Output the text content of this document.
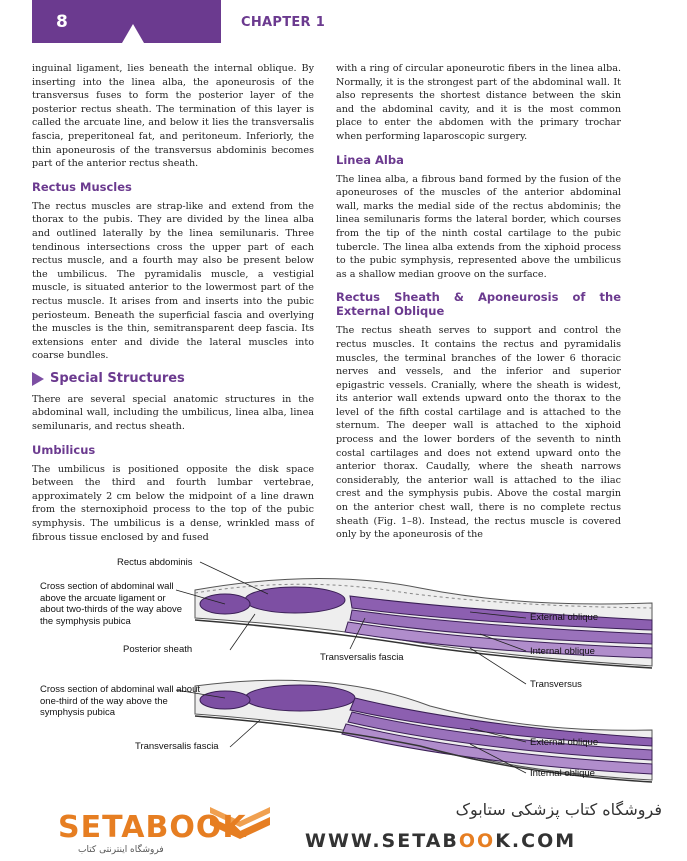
8	CHAPTER 1

inguinal ligament, lies beneath the internal oblique. By inserting into the linea alba, the aponeurosis of the transversus fuses to form the posterior layer of the posterior rectus sheath. The termination of this layer is called the arcuate line, and below it lies the transversalis fascia, preperitoneal fat, and peritoneum. Inferiorly, the thin aponeurosis of the transversus abdominis becomes part of the anterior rectus sheath.

Rectus Muscles

The rectus muscles are strap-like and extend from the thorax to the pubis. They are divided by the linea alba and outlined laterally by the linea semilunaris. Three tendinous intersections cross the upper part of each rectus muscle, and a fourth may also be present below the umbilicus. The pyramidalis muscle, a vestigial muscle, is situated anterior to the lowermost part of the rectus muscle. It arises from and inserts into the pubic periosteum. Beneath the superficial fascia and overlying the muscles is the thin, semitransparent deep fascia. Its extensions enter and divide the lateral muscles into coarse bundles.

Special Structures

There are several special anatomic structures in the abdominal wall, including the umbilicus, linea alba, linea semilunaris, and rectus sheath.

Umbilicus

The umbilicus is positioned opposite the disk space between the third and fourth lumbar vertebrae, approximately 2 cm below the midpoint of a line drawn from the sternoxiphoid process to the top of the pubic symphysis. The umbilicus is a dense, wrinkled mass of fibrous tissue enclosed by and fused

with a ring of circular aponeurotic fibers in the linea alba. Normally, it is the strongest part of the abdominal wall. It also represents the shortest distance between the skin and the abdominal cavity, and it is the most common place to enter the abdomen with the primary trochar when performing laparoscopic surgery.

Linea Alba

The linea alba, a fibrous band formed by the fusion of the aponeuroses of the muscles of the anterior abdominal wall, marks the medial side of the rectus abdominis; the linea semilunaris forms the lateral border, which courses from the tip of the ninth costal cartilage to the pubic tubercle. The linea alba extends from the xiphoid process to the pubic symphysis, represented above the umbilicus as a shallow median groove on the surface.

Rectus Sheath & Aponeurosis of the External Oblique

The rectus sheath serves to support and control the rectus muscles. It contains the rectus and pyramidalis muscles, the terminal branches of the lower 6 thoracic nerves and vessels, and the inferior and superior epigastric vessels. Cranially, where the sheath is widest, its anterior wall extends upward onto the thorax to the level of the fifth costal cartilage and is attached to the sternum. The deeper wall is attached to the xiphoid process and the lower borders of the seventh to ninth costal cartilages and does not extend upward onto the anterior thorax. Caudally, where the sheath narrows considerably, the anterior wall is attached to the iliac crest and the symphysis pubis. Above the costal margin on the anterior chest wall, there is no complete rectus sheath (Fig. 1–8). Instead, the rectus muscle is covered only by the aponeurosis of the

Rectus abdominis
Cross section of abdominal wall above the arcuate ligament or about two-thirds of the way above the symphysis pubica
Posterior sheath
Transversalis fascia
External oblique
Internal oblique
Transversus
Cross section of abdominal wall about one-third of the way above the symphysis pubica
Transversalis fascia	External oblique
Internal oblique
SETABOOK
فروشگاه اینترنتی کتاب
فروشگاه کتاب پزشکی ستابوک
WWW.SETABOOK.COM
